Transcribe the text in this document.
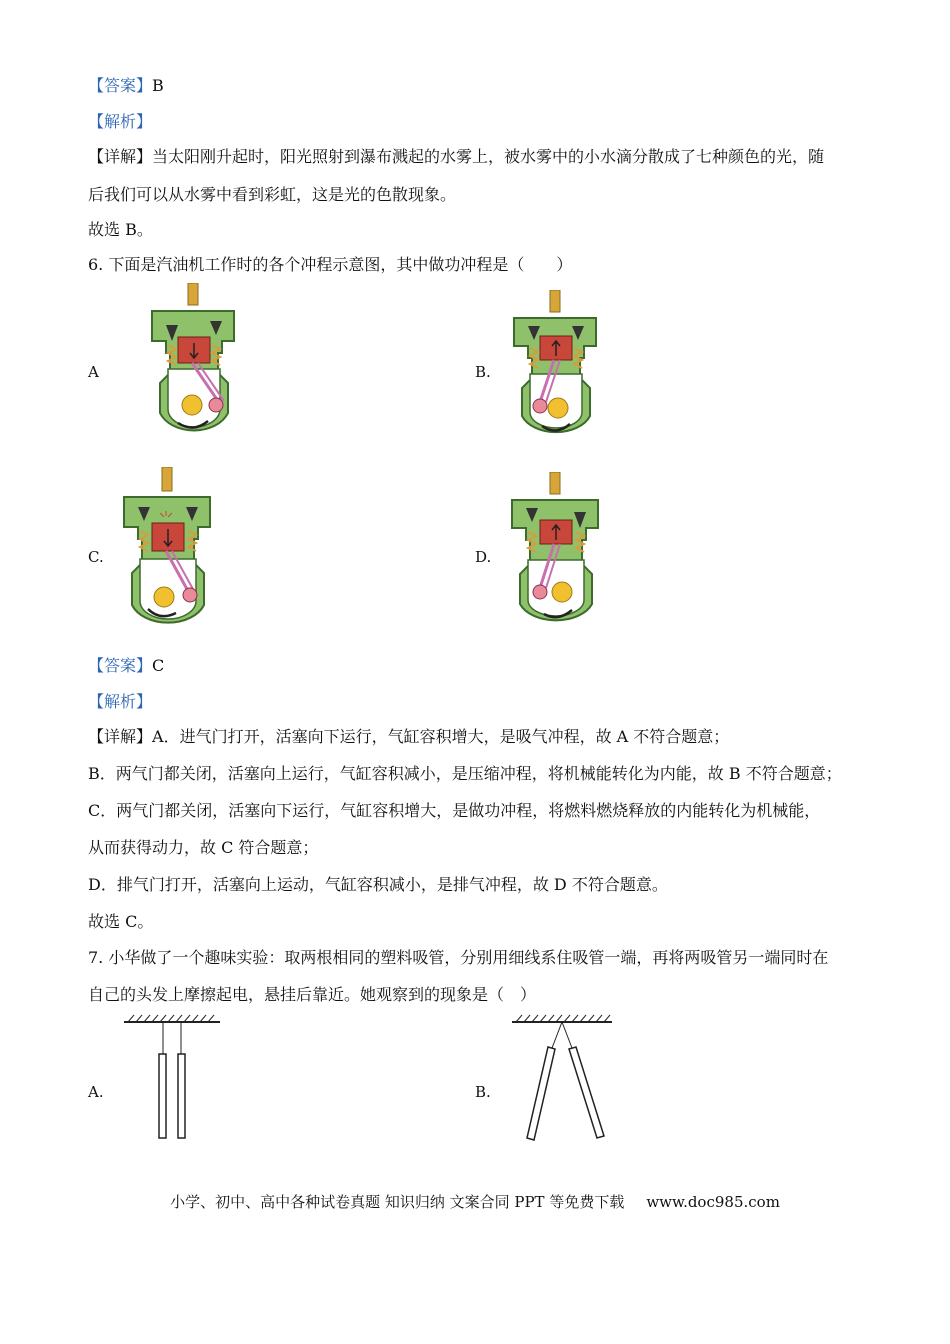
【答案】B
【解析】
【详解】当太阳刚升起时，阳光照射到瀑布溅起的水雾上，被水雾中的小水滴分散成了七种颜色的光，随
后我们可以从水雾中看到彩虹，这是光的色散现象。
故选 B。
6. 下面是汽油机工作时的各个冲程示意图，其中做功冲程是（　　）
A	B.
C.	D.
【答案】C
【解析】
【详解】A．进气门打开，活塞向下运行，气缸容积增大，是吸气冲程，故 A 不符合题意；
B．两气门都关闭，活塞向上运行，气缸容积减小，是压缩冲程，将机械能转化为内能，故 B 不符合题意；
C．两气门都关闭，活塞向下运行，气缸容积增大，是做功冲程，将燃料燃烧释放的内能转化为机械能，
从而获得动力，故 C 符合题意；
D．排气门打开，活塞向上运动，气缸容积减小，是排气冲程，故 D 不符合题意。
故选 C。
7. 小华做了一个趣味实验：取两根相同的塑料吸管，分别用细线系住吸管一端，再将两吸管另一端同时在
自己的头发上摩擦起电，悬挂后靠近。她观察到的现象是（　）
A.	B.
小学、初中、高中各种试卷真题 知识归纳 文案合同 PPT 等免费下载 www.doc985.com
